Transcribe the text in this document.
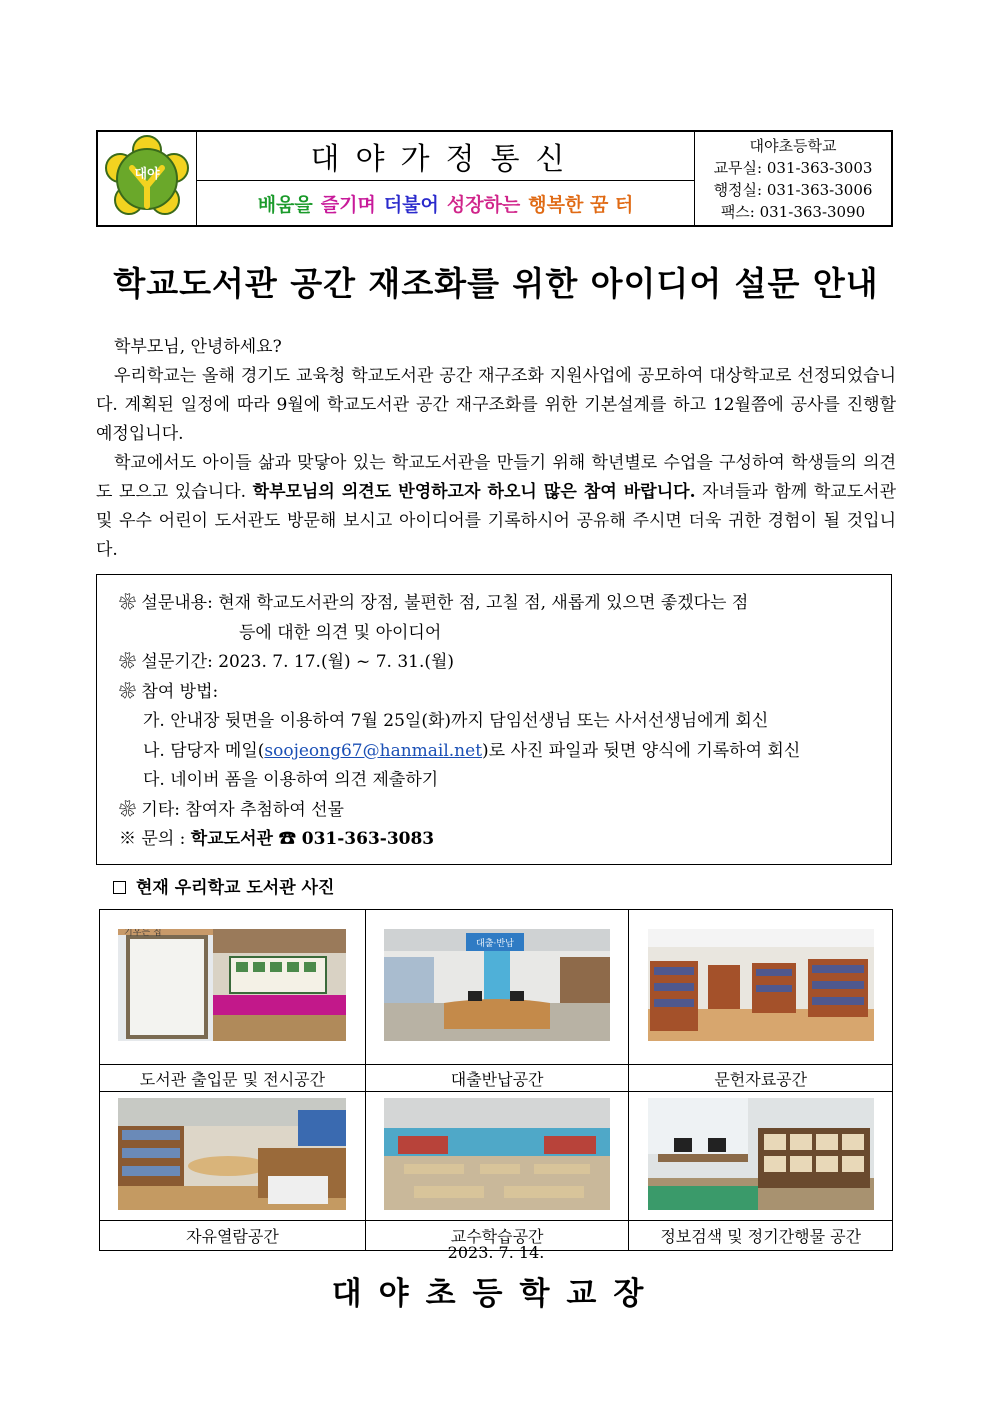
대야	대야가정통신
배움을 즐기며 더불어 성장하는 행복한 꿈 터
대야초등학교
교무실: 031-363-3003
행정실: 031-363-3006
팩스: 031-363-3090
학교도서관 공간 재조화를 위한 아이디어 설문 안내

학부모님, 안녕하세요?

우리학교는 올해 경기도 교육청 학교도서관 공간 재구조화 지원사업에 공모하여 대상학교로 선정되었습니다. 계획된 일정에 따라 9월에 학교도서관 공간 재구조화를 위한 기본설계를 하고 12월쯤에 공사를 진행할 예정입니다.

학교에서도 아이들 삶과 맞닿아 있는 학교도서관을 만들기 위해 학년별로 수업을 구성하여 학생들의 의견도 모으고 있습니다. 학부모님의 의견도 반영하고자 하오니 많은 참여 바랍니다. 자녀들과 함께 학교도서관 및 우수 어린이 도서관도 방문해 보시고 아이디어를 기록하시어 공유해 주시면 더욱 귀한 경험이 될 것입니다.

❀ 설문내용: 현재 학교도서관의 장점, 불편한 점, 고칠 점, 새롭게 있으면 좋겠다는 점
등에 대한 의견 및 아이디어
❀ 설문기간: 2023. 7. 17.(월) ~ 7. 31.(월)
❀ 참여 방법:
가. 안내장 뒷면을 이용하여 7월 25일(화)까지 담임선생님 또는 사서선생님에게 회신
나. 담당자 메일(soojeong67@hanmail.net)로 사진 파일과 뒷면 양식에 기록하여 회신
다. 네이버 폼을 이용하여 의견 제출하기
❀ 기타: 참여자 추첨하여 선물
※ 문의 : 학교도서관 ☎ 031-363-3083
현재 우리학교 도서관 사진
기우는 집	대출·반납

도서관 출입문 및 전시공간	대출반납공간	문헌자료공간

자유열람공간	교수학습공간	정보검색 및 정기간행물 공간
2023. 7. 14.
대야초등학교장
